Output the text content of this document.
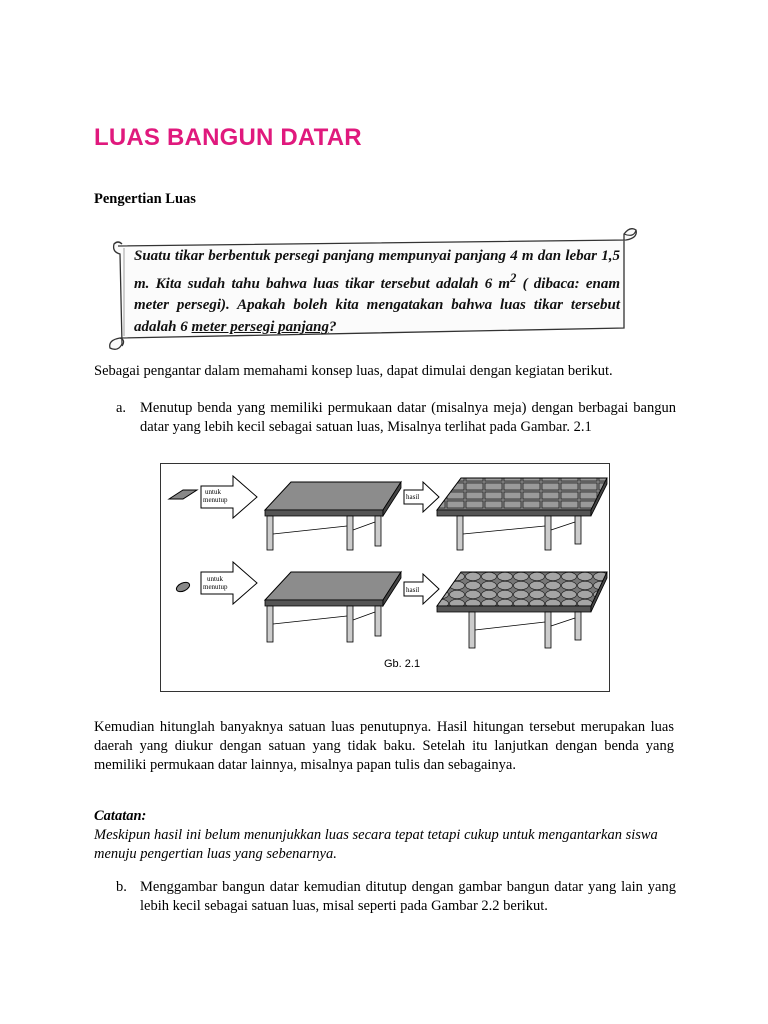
LUAS BANGUN DATAR

Pengertian Luas

Suatu tikar berbentuk persegi panjang mempunyai panjang 4 m dan lebar 1,5 m. Kita sudah tahu bahwa luas tikar tersebut adalah 6 $m^2$ ( dibaca: enam meter persegi). Apakah boleh kita mengatakan bahwa luas tikar tersebut adalah 6 meter persegi panjang?

Sebagai pengantar dalam memahami konsep luas, dapat dimulai dengan kegiatan berikut.

a. Menutup benda yang memiliki permukaan datar (misalnya meja) dengan berbagai bangun datar yang lebih kecil sebagai satuan luas, Misalnya terlihat pada Gambar. 2.1
untuk
menutup	hasil
untuk
menutup	hasil
Gb. 2.1

Kemudian hitunglah banyaknya satuan luas penutupnya. Hasil hitungan tersebut merupakan luas daerah yang diukur dengan satuan yang tidak baku. Setelah itu lanjutkan dengan benda yang memiliki permukaan datar lainnya, misalnya papan tulis dan sebagainya.

Catatan:

Meskipun hasil ini belum menunjukkan luas secara tepat tetapi cukup untuk mengantarkan siswa menuju pengertian luas yang sebenarnya.

b. Menggambar bangun datar kemudian ditutup dengan gambar bangun datar yang lain yang lebih kecil sebagai satuan luas, misal seperti pada Gambar 2.2 berikut.
